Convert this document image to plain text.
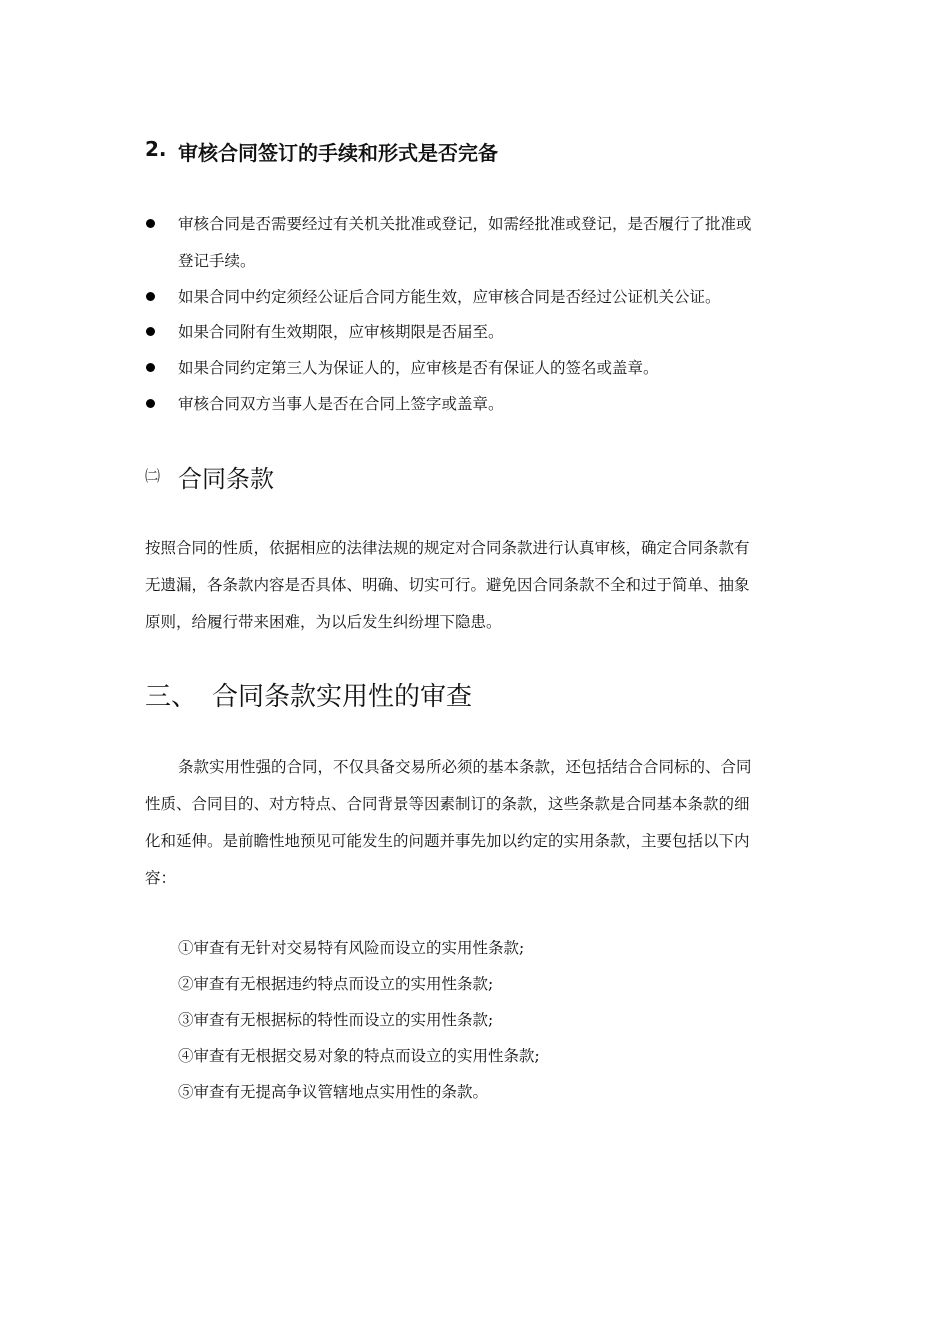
2. 审核合同签订的手续和形式是否完备
审核合同是否需要经过有关机关批准或登记，如需经批准或登记，是否履行了批准或
登记手续。
如果合同中约定须经公证后合同方能生效，应审核合同是否经过公证机关公证。
如果合同附有生效期限，应审核期限是否届至。
如果合同约定第三人为保证人的，应审核是否有保证人的签名或盖章。
审核合同双方当事人是否在合同上签字或盖章。
㈡ 合同条款
按照合同的性质，依据相应的法律法规的规定对合同条款进行认真审核，确定合同条款有
无遗漏，各条款内容是否具体、明确、切实可行。避免因合同条款不全和过于简单、抽象
原则，给履行带来困难，为以后发生纠纷埋下隐患。
三、 合同条款实用性的审查
条款实用性强的合同，不仅具备交易所必须的基本条款，还包括结合合同标的、合同
性质、合同目的、对方特点、合同背景等因素制订的条款，这些条款是合同基本条款的细
化和延伸。是前瞻性地预见可能发生的问题并事先加以约定的实用条款，主要包括以下内
容：
①审查有无针对交易特有风险而设立的实用性条款;
②审查有无根据违约特点而设立的实用性条款;
③审查有无根据标的特性而设立的实用性条款;
④审查有无根据交易对象的特点而设立的实用性条款;
⑤审查有无提高争议管辖地点实用性的条款。
